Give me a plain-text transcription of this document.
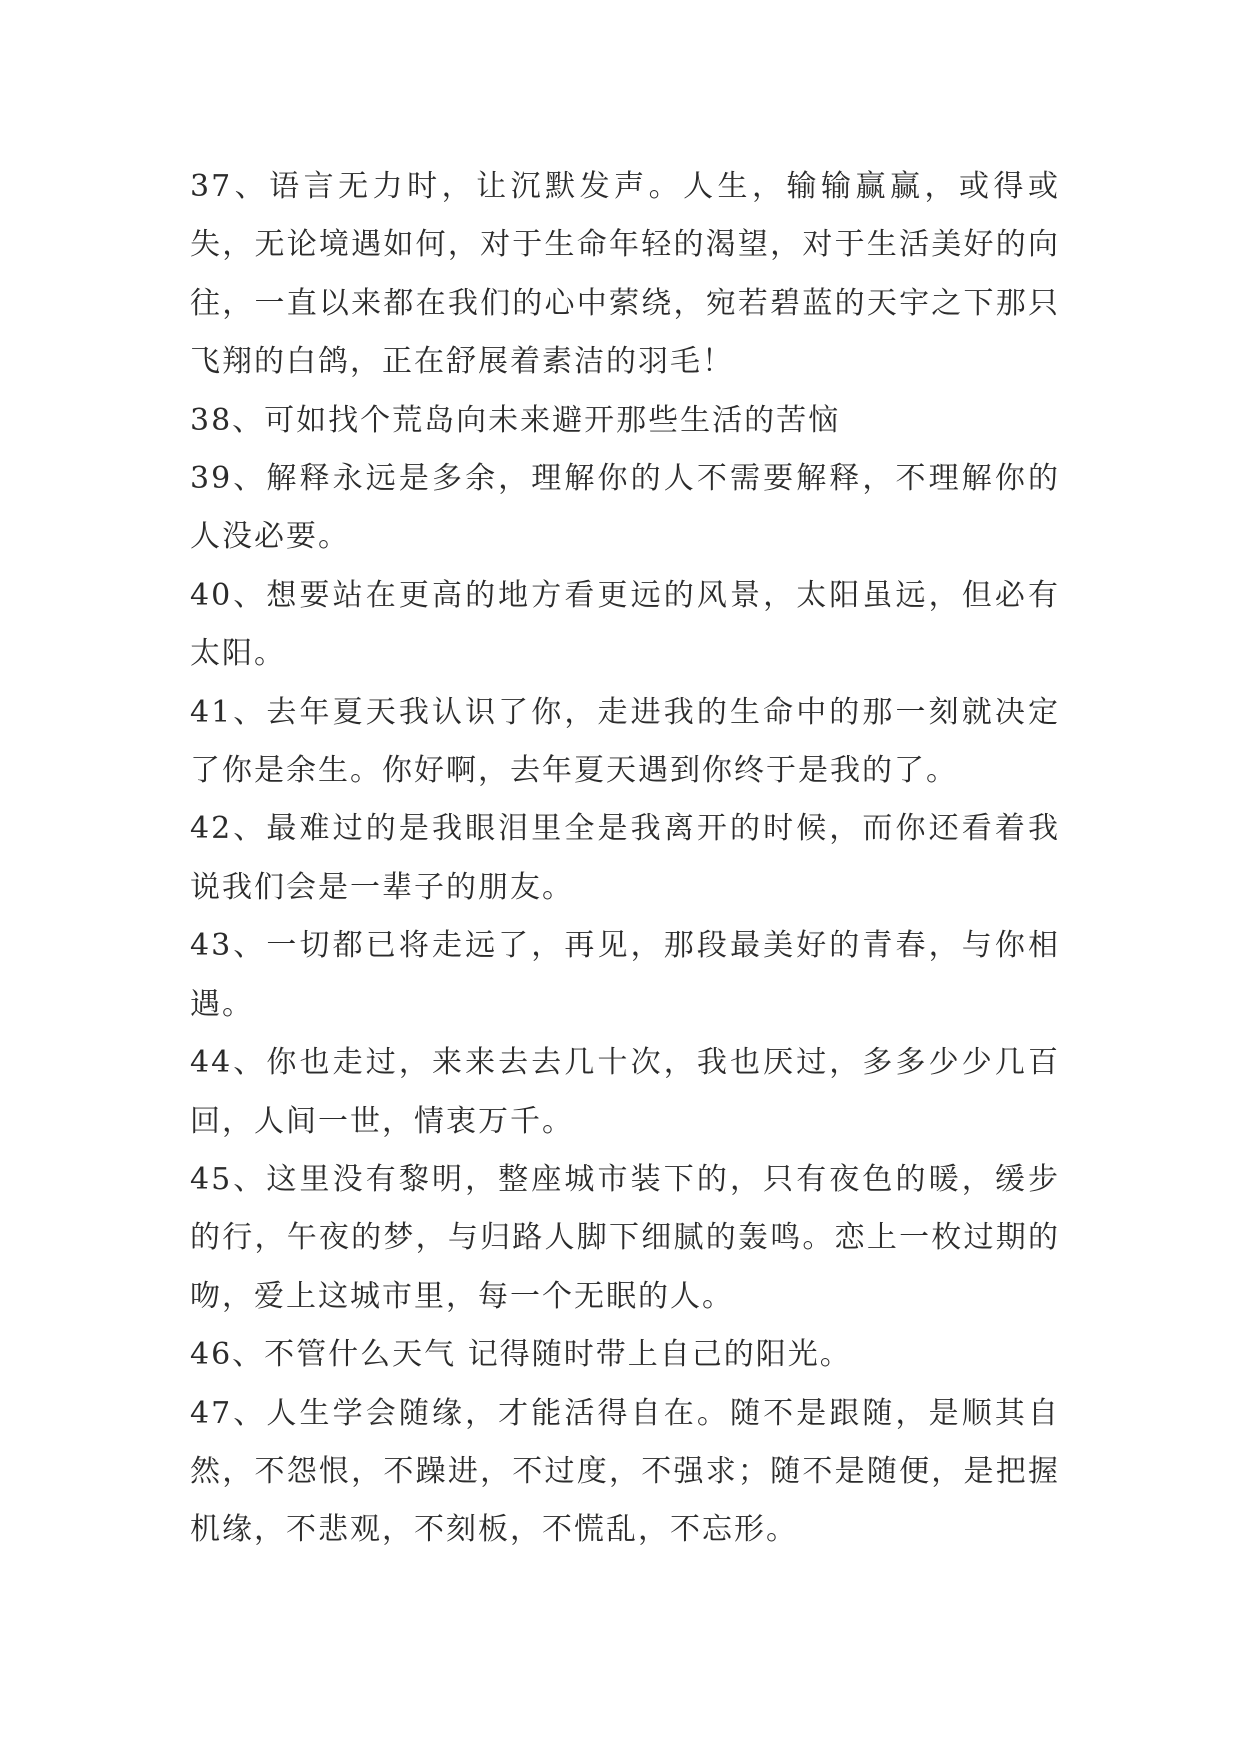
37、语言无力时，让沉默发声。人生，输输赢赢，或得或失，无论境遇如何，对于生命年轻的渴望，对于生活美好的向往，一直以来都在我们的心中萦绕，宛若碧蓝的天宇之下那只飞翔的白鸽，正在舒展着素洁的羽毛！

38、可如找个荒岛向未来避开那些生活的苦恼

39、解释永远是多余，理解你的人不需要解释，不理解你的人没必要。

40、想要站在更高的地方看更远的风景，太阳虽远，但必有太阳。

41、去年夏天我认识了你，走进我的生命中的那一刻就决定了你是余生。你好啊，去年夏天遇到你终于是我的了。

42、最难过的是我眼泪里全是我离开的时候，而你还看着我说我们会是一辈子的朋友。

43、一切都已将走远了，再见，那段最美好的青春，与你相遇。

44、你也走过，来来去去几十次，我也厌过，多多少少几百回，人间一世，情衷万千。

45、这里没有黎明，整座城市装下的，只有夜色的暖，缓步的行，午夜的梦，与归路人脚下细腻的轰鸣。恋上一枚过期的吻，爱上这城市里，每一个无眠的人。

46、不管什么天气 记得随时带上自己的阳光。

47、人生学会随缘，才能活得自在。随不是跟随，是顺其自然，不怨恨，不躁进，不过度，不强求；随不是随便，是把握机缘，不悲观，不刻板，不慌乱，不忘形。
